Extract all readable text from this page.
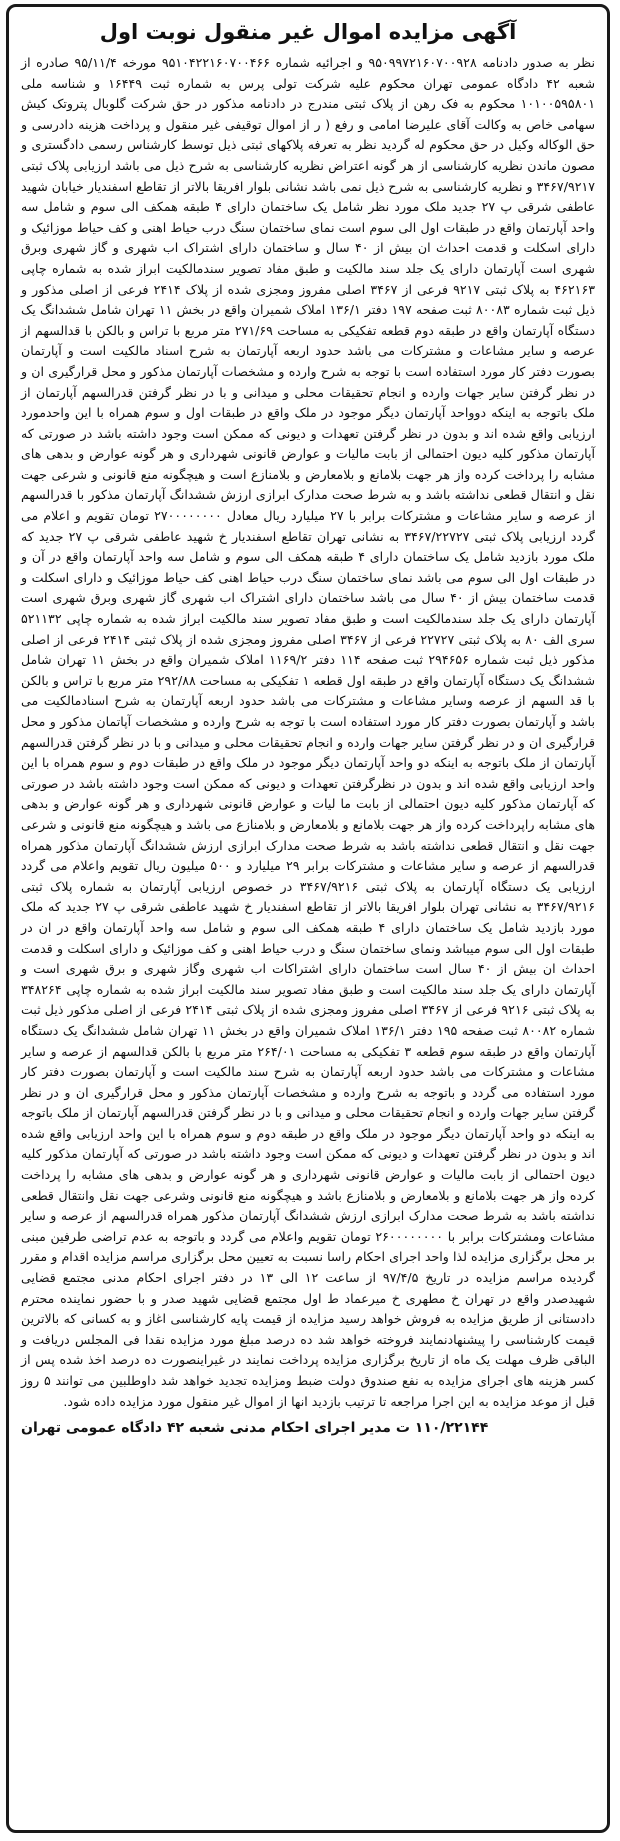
آگهی مزایده اموال غیر منقول نوبت اول

نظر به صدور دادنامه ۹۵۰۹۹۷۲۱۶۰۷۰۰۹۲۸ و اجرائیه شماره ۹۵۱۰۴۲۲۱۶۰۷۰۰۴۶۶ مورخه ۹۵/۱۱/۴ صادره از شعبه ۴۲ دادگاه عمومی تهران محکوم علیه شرکت تولی پرس به شماره ثبت ۱۶۴۴۹ و شناسه ملی ۱۰۱۰۰۵۹۵۸۰۱ محکوم به فک رهن از پلاک ثبتی مندرج در دادنامه مذکور در حق شرکت گلوبال پتروتک کیش سهامی خاص به وکالت آقای علیرضا امامی و رفع ( ر از اموال توقیفی غیر منقول و پرداخت هزینه دادرسی و حق الوکاله وکیل در حق محکوم له گردید نظر به تعرفه پلاکهای ثبتی ذیل توسط کارشناس رسمی دادگستری و مصون ماندن نظریه کارشناسی از هر گونه اعتراض نظریه کارشناسی به شرح ذیل می باشد ارزیابی پلاک ثبتی ۳۴۶۷/۹۲۱۷ و نظریه کارشناسی به شرح ذیل نمی باشد نشانی بلوار افریقا بالاتر از تقاطع اسفندیار خیابان شهید عاطفی شرقی پ ۲۷ جدید ملک مورد نظر شامل یک ساختمان دارای ۴ طبقه همکف الی سوم و شامل سه واحد آپارتمان واقع در طبقات اول الی سوم است نمای ساختمان سنگ درب حیاط اهنی و کف حیاط موزائیک و دارای اسکلت و قدمت احداث ان بیش از ۴۰ سال و ساختمان دارای اشتراک اب شهری و گاز شهری وبرق شهری است آپارتمان دارای یک جلد سند مالکیت و طبق مفاد تصویر سندمالکیت ابراز شده به شماره چاپی ۴۶۲۱۶۳ به پلاک ثبتی ۹۲۱۷ فرعی از ۳۴۶۷ اصلی مفروز ومجزی شده از پلاک ۲۴۱۴ فرعی از اصلی مذکور و ذیل ثبت شماره ۸۰۰۸۳ ثبت صفحه ۱۹۷ دفتر ۱۳۶/۱ املاک شمیران واقع در بخش ۱۱ تهران شامل ششدانگ یک دستگاه آپارتمان واقع در طبقه دوم قطعه تفکیکی به مساحت ۲۷۱/۶۹ متر مربع با تراس و بالکن با قدالسهم از عرصه و سایر مشاعات و مشترکات می باشد حدود اربعه آپارتمان به شرح اسناد مالکیت است و آپارتمان بصورت دفتر کار مورد استفاده است با توجه به شرح وارده و مشخصات آپارتمان مذکور و محل قرارگیری ان و در نظر گرفتن سایر جهات وارده و انجام تحقیقات محلی و میدانی و با در نظر گرفتن قدرالسهم آپارتمان از ملک باتوجه به اینکه دوواحد آپارتمان دیگر موجود در ملک واقع در طبقات اول و سوم همراه با این واحدمورد ارزیابی واقع شده اند و بدون در نظر گرفتن تعهدات و دیونی که ممکن است وجود داشته باشد در صورتی که آپارتمان مذکور کلیه دیون احتمالی از بابت مالیات و عوارض قانونی شهرداری و هر گونه عوارض و بدهی های مشابه را پرداخت کرده واز هر جهت بلامانع و بلامعارض و بلامنازع است و هیچگونه منع قانونی و شرعی جهت نقل و انتقال قطعی نداشته باشد و به شرط صحت مدارک ابرازی ارزش ششدانگ آپارتمان مذکور با قدرالسهم از عرصه و سایر مشاعات و مشترکات برابر با ۲۷ میلیارد ریال معادل ۲۷۰۰۰۰۰۰۰۰ تومان تقویم و اعلام می گردد ارزیابی پلاک ثبتی ۳۴۶۷/۲۲۷۲۷ به نشانی تهران تقاطع اسفندیار خ شهید عاطفی شرقی پ ۲۷ جدید که ملک مورد بازدید شامل یک ساختمان دارای ۴ طبقه همکف الی سوم و شامل سه واحد آپارتمان واقع در آن و در طبقات اول الی سوم می باشد نمای ساختمان سنگ درب حیاط اهنی کف حیاط موزائیک و دارای اسکلت و قدمت ساختمان بیش از ۴۰ سال می باشد ساختمان دارای اشتراک اب شهری گاز شهری وبرق شهری است آپارتمان دارای یک جلد سندمالکیت است و طبق مفاد تصویر سند مالکیت ابراز شده به شماره چاپی ۵۲۱۱۳۲ سری الف ۸۰ به پلاک ثبتی ۲۲۷۲۷ فرعی از ۳۴۶۷ اصلی مفروز ومجزی شده از پلاک ثبتی ۲۴۱۴ فرعی از اصلی مذکور ذیل ثبت شماره ۲۹۴۶۵۶ ثبت صفحه ۱۱۴ دفتر ۱۱۶۹/۲ املاک شمیران واقع در بخش ۱۱ تهران شامل ششدانگ یک دستگاه آپارتمان واقع در طبقه اول قطعه ۱ تفکیکی به مساحت ۲۹۲/۸۸ متر مربع با تراس و بالکن با قد السهم از عرصه وسایر مشاعات و مشترکات می باشد حدود اربعه آپارتمان به شرح اسنادمالکیت می باشد و آپارتمان بصورت دفتر کار مورد استفاده است با توجه به شرح وارده و مشخصات آپاتمان مذکور و محل قرارگیری ان و در نظر گرفتن سایر جهات وارده و انجام تحقیقات محلی و میدانی و با در نظر گرفتن قدرالسهم آپارتمان از ملک باتوجه به اینکه دو واحد آپارتمان دیگر موجود در ملک واقع در طبقات دوم و سوم همراه با این واحد ارزیابی واقع شده اند و بدون در نظرگرفتن تعهدات و دیونی که ممکن است وجود داشته باشد در صورتی که آپارتمان مذکور کلیه دیون احتمالی از بابت ما لیات و عوارض قانونی شهرداری و هر گونه عوارض و بدهی های مشابه راپرداخت کرده واز هر جهت بلامانع و بلامعارض و بلامنازع می باشد و هیچگونه منع قانونی و شرعی جهت نقل و انتقال قطعی نداشته باشد به شرط صحت مدارک ابرازی ارزش ششدانگ آپارتمان مذکور همراه قدرالسهم از عرصه و سایر مشاعات و مشترکات برابر ۲۹ میلیارد و ۵۰۰ میلیون ریال تقویم واعلام می گردد ارزیابی یک دستگاه آپارتمان به پلاک ثبتی ۳۴۶۷/۹۲۱۶ در خصوص ارزیابی آپارتمان به شماره پلاک ثبتی ۳۴۶۷/۹۲۱۶ به نشانی تهران بلوار افریقا بالاتر از تقاطع اسفندیار خ شهید عاطفی شرقی پ ۲۷ جدید که ملک مورد بازدید شامل یک ساختمان دارای ۴ طبقه همکف الی سوم و شامل سه واحد آپارتمان واقع در ان در طبقات اول الی سوم میباشد ونمای ساختمان سنگ و درب حیاط اهنی و کف موزائیک و دارای اسکلت و قدمت احداث ان بیش از ۴۰ سال است ساختمان دارای اشتراکات اب شهری وگاز شهری و برق شهری است و آپارتمان دارای یک جلد سند مالکیت است و طبق مفاد تصویر سند مالکیت ابراز شده به شماره چاپی ۳۴۸۲۶۴ به پلاک ثبتی ۹۲۱۶ فرعی از ۳۴۶۷ اصلی مفروز ومجزی شده از پلاک ثبتی ۲۴۱۴ فرعی از اصلی مذکور ذیل ثبت شماره ۸۰۰۸۲ ثبت صفحه ۱۹۵ دفتر ۱۳۶/۱ املاک شمیران واقع در بخش ۱۱ تهران شامل ششدانگ یک دستگاه آپارتمان واقع در طبقه سوم قطعه ۳ تفکیکی به مساحت ۲۶۴/۰۱ متر مربع با بالکن قدالسهم از عرصه و سایر مشاعات و مشترکات می باشد حدود اربعه آپارتمان به شرح سند مالکیت است و آپارتمان بصورت دفتر کار مورد استفاده می گردد و باتوجه به شرح وارده و مشخصات آپارتمان مذکور و محل قرارگیری ان و در نظر گرفتن سایر جهات وارده و انجام تحقیقات محلی و میدانی و با در نظر گرفتن قدرالسهم آپارتمان از ملک باتوجه به اینکه دو واحد آپارتمان دیگر موجود در ملک واقع در طبقه دوم و سوم همراه با این واحد ارزیابی واقع شده اند و بدون در نظر گرفتن تعهدات و دیونی که ممکن است وجود داشته باشد در صورتی که آپارتمان مذکور کلیه دیون احتمالی از بابت مالیات و عوارض قانونی شهرداری و هر گونه عوارض و بدهی های مشابه را پرداخت کرده واز هر جهت بلامانع و بلامعارض و بلامنازع باشد و هیچگونه منع قانونی وشرعی جهت نقل وانتقال قطعی نداشته باشد به شرط صحت مدارک ابرازی ارزش ششدانگ آپارتمان مذکور همراه قدرالسهم از عرصه و سایر مشاعات ومشترکات برابر با ۲۶۰۰۰۰۰۰۰۰ تومان تقویم واعلام می گردد و باتوجه به عدم تراضی طرفین مبنی بر محل برگزاری مزایده لذا واحد اجرای احکام راسا نسبت به تعیین محل برگزاری مراسم مزایده اقدام و مقرر گردیده مراسم مزایده در تاریخ ۹۷/۴/۵ از ساعت ۱۲ الی ۱۳ در دفتر اجرای احکام مدنی مجتمع قضایی شهیدصدر واقع در تهران خ مطهری خ میرعماد ط اول مجتمع قضایی شهید صدر و با حضور نماینده محترم دادستانی از طریق مزایده به فروش خواهد رسید مزایده از قیمت پایه کارشناسی اغاز و به کسانی که بالاترین قیمت کارشناسی را پیشنهادنمایند فروخته خواهد شد ده درصد مبلغ مورد مزایده نقدا فی المجلس دریافت و الباقی ظرف مهلت یک ماه از تاریخ برگزاری مزایده پرداخت نمایند در غیراینصورت ده درصد اخذ شده پس از کسر هزینه های اجرای مزایده به نفع صندوق دولت ضبط ومزایده تجدید خواهد شد داوطلبین می توانند ۵ روز قبل از موعد مزایده به این اجرا مراجعه تا ترتیب بازدید انها از اموال غیر منقول مورد مزایده داده شود.

۱۱۰/۲۲۱۴۴ ت مدیر اجرای احکام مدنی شعبه ۴۲ دادگاه عمومی تهران
